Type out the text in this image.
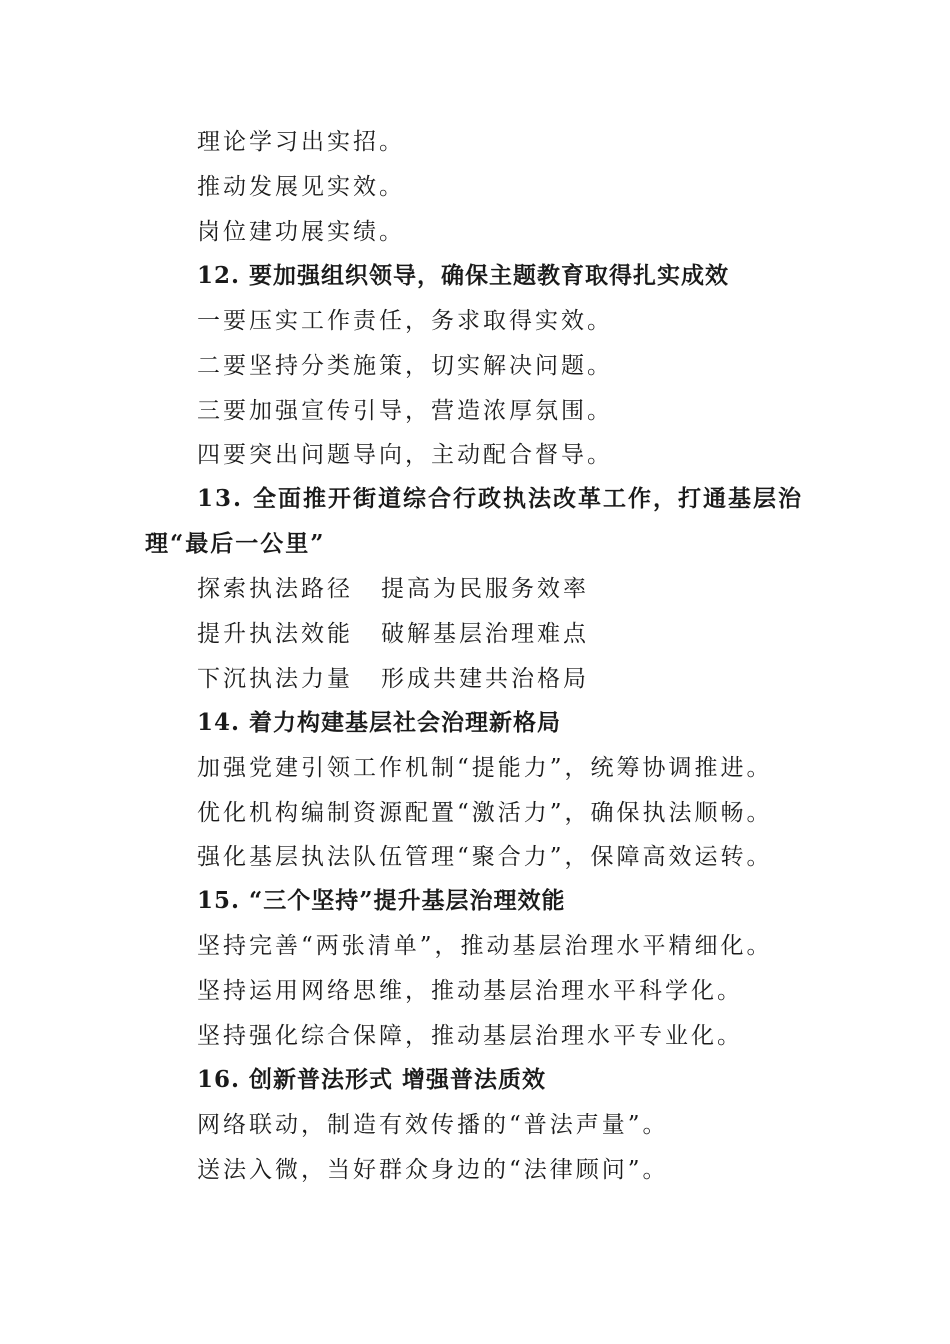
理论学习出实招。
推动发展见实效。
岗位建功展实绩。
12. 要加强组织领导，确保主题教育取得扎实成效
一要压实工作责任，务求取得实效。
二要坚持分类施策，切实解决问题。
三要加强宣传引导，营造浓厚氛围。
四要突出问题导向，主动配合督导。
13. 全面推开街道综合行政执法改革工作，打通基层治理“最后一公里”
探索执法路径 提高为民服务效率
提升执法效能 破解基层治理难点
下沉执法力量 形成共建共治格局
14. 着力构建基层社会治理新格局
加强党建引领工作机制“提能力”，统筹协调推进。
优化机构编制资源配置“激活力”，确保执法顺畅。
强化基层执法队伍管理“聚合力”，保障高效运转。
15. “三个坚持”提升基层治理效能
坚持完善“两张清单”，推动基层治理水平精细化。
坚持运用网络思维，推动基层治理水平科学化。
坚持强化综合保障，推动基层治理水平专业化。
16. 创新普法形式 增强普法质效
网络联动，制造有效传播的“普法声量”。
送法入微，当好群众身边的“法律顾问”。
